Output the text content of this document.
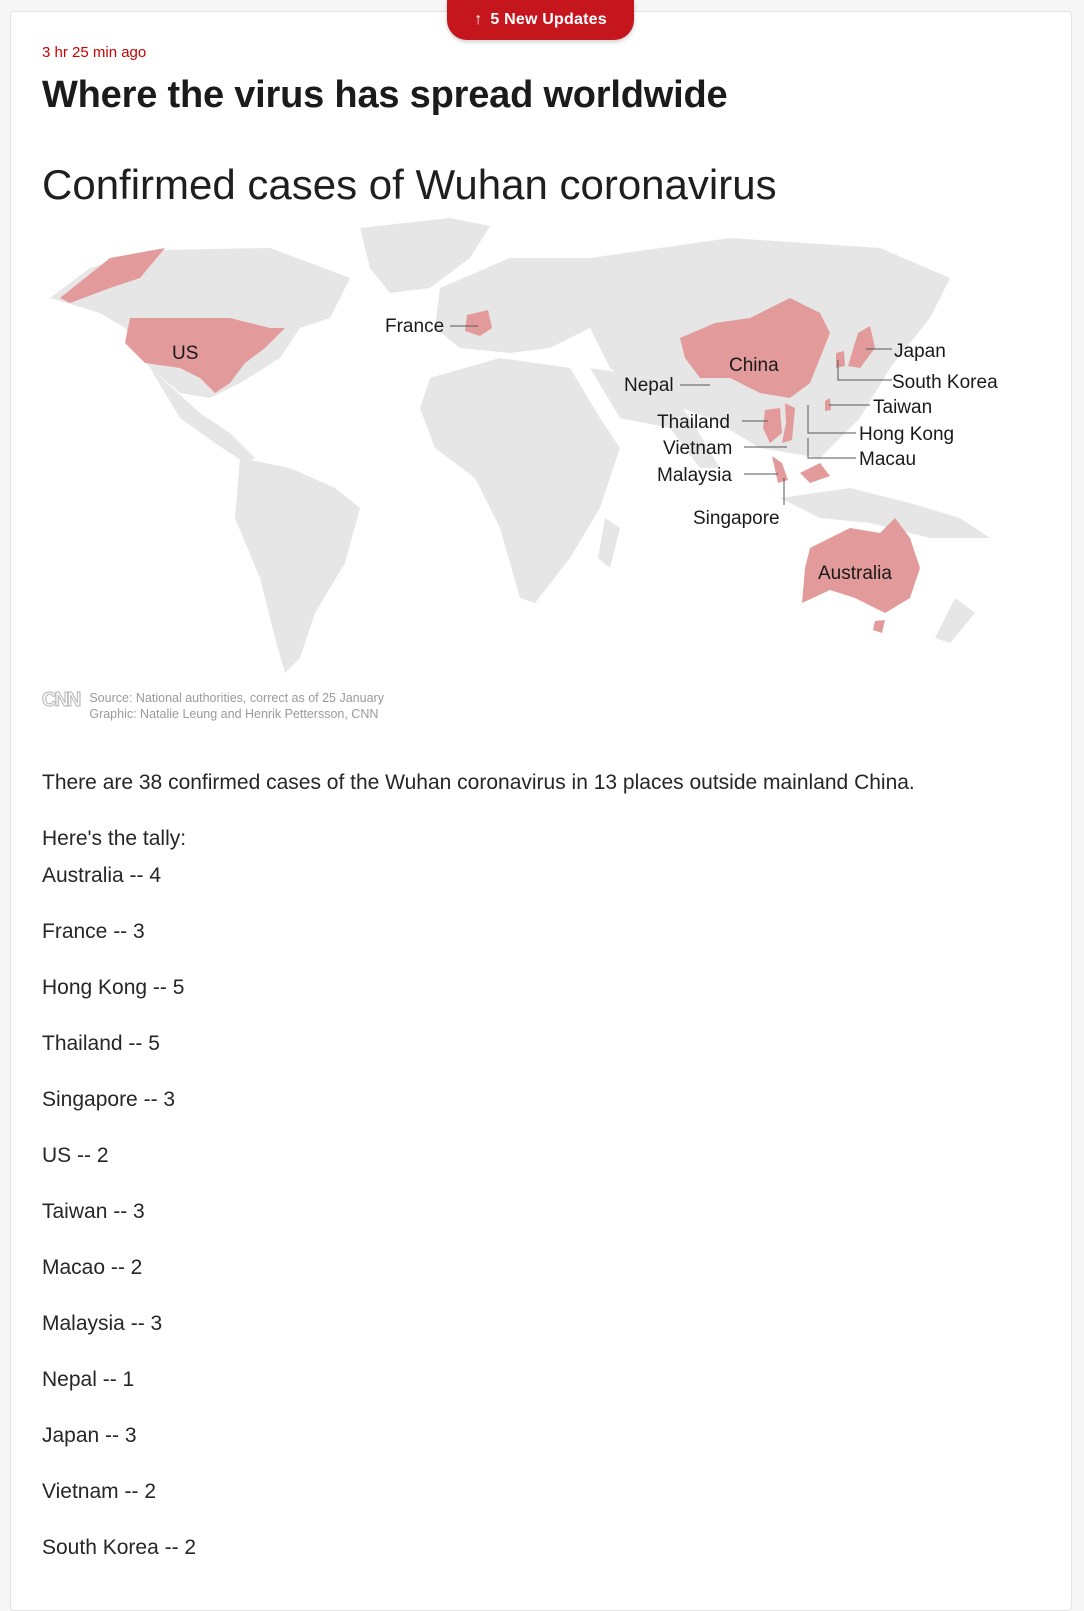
↑ 5 New Updates
3 hr 25 min ago
Where the virus has spread worldwide
Confirmed cases of Wuhan coronavirus
US
France
China
Nepal
Japan
South Korea
Taiwan
Thailand
Hong Kong
Vietnam
Macau
Malaysia
Singapore
Australia
CNN Source: National authorities, correct as of 25 January
Graphic: Natalie Leung and Henrik Pettersson, CNN

There are 38 confirmed cases of the Wuhan coronavirus in 13 places outside mainland China.

Here's the tally:

Australia -- 4
France -- 3
Hong Kong -- 5
Thailand -- 5
Singapore -- 3
US -- 2
Taiwan -- 3
Macao -- 2
Malaysia -- 3
Nepal -- 1
Japan -- 3
Vietnam -- 2
South Korea -- 2
